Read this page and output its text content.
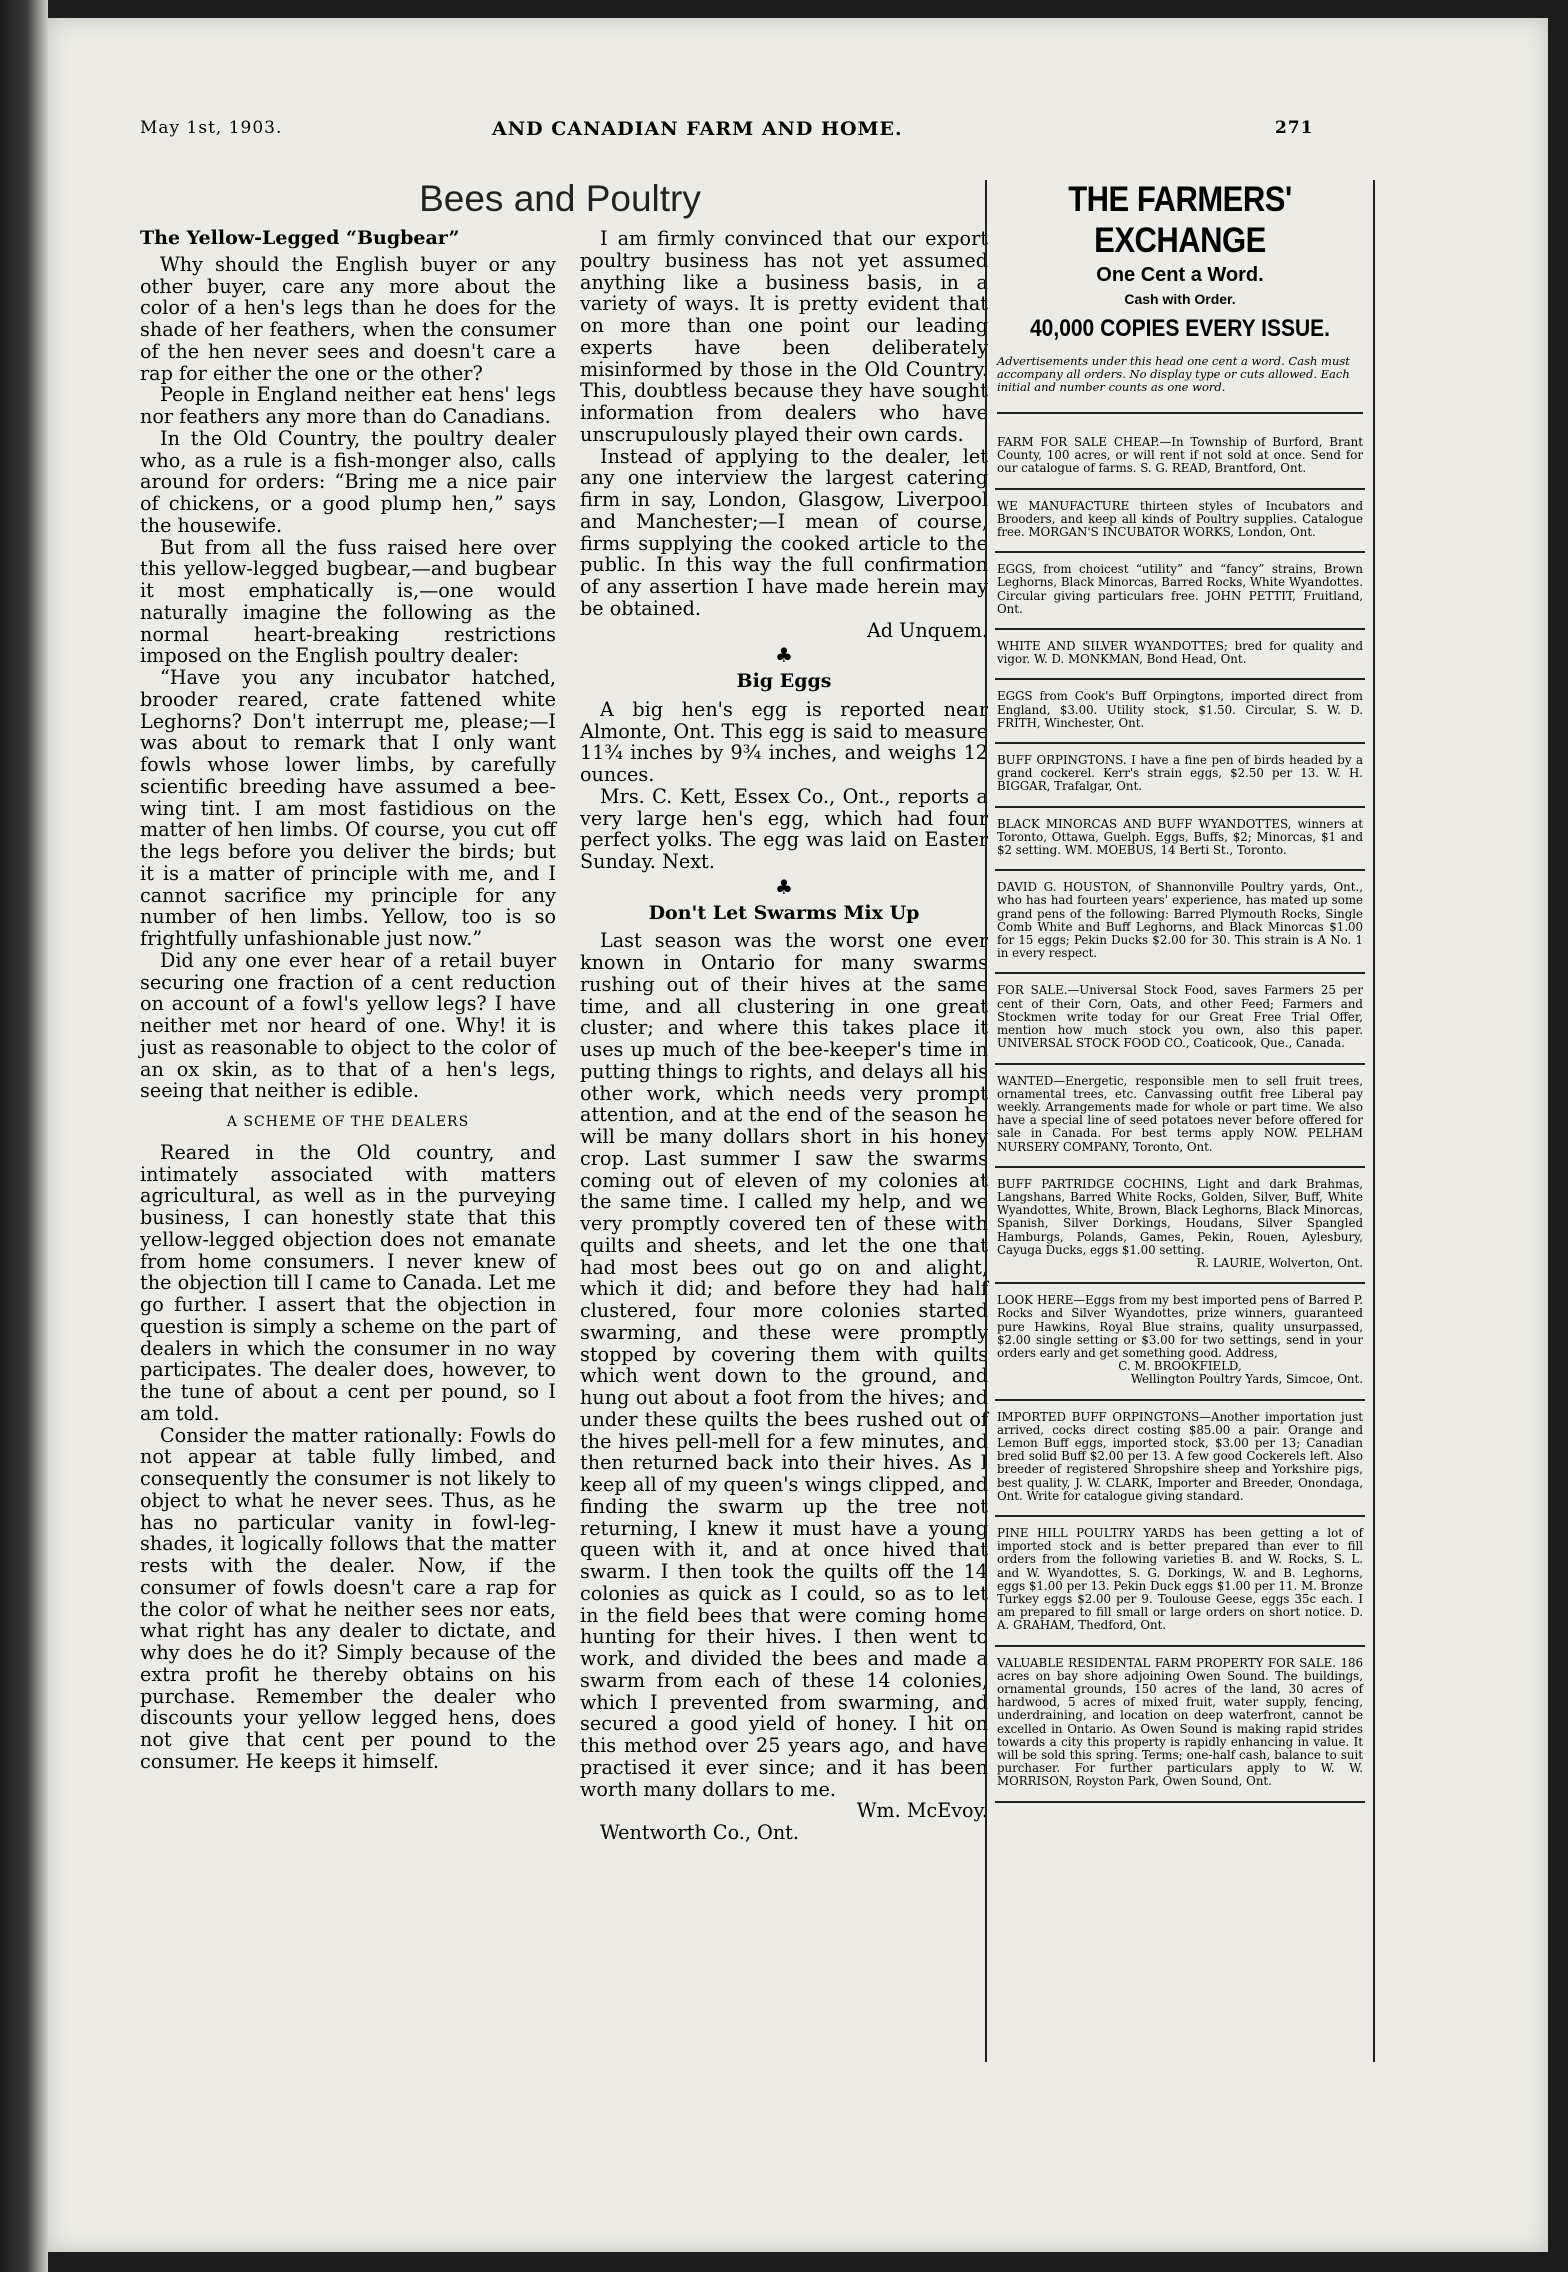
May 1st, 1903.	AND CANADIAN FARM AND HOME.	271
Bees and Poultry
The Yellow-Legged “Bugbear”

Why should the English buyer or any other buyer, care any more about the color of a hen's legs than he does for the shade of her feathers, when the consumer of the hen never sees and doesn't care a rap for either the one or the other?

People in England neither eat hens' legs nor feathers any more than do Canadians.

In the Old Country, the poultry dealer who, as a rule is a fish-monger also, calls around for orders: “Bring me a nice pair of chickens, or a good plump hen,” says the housewife.

But from all the fuss raised here over this yellow-legged bugbear,—and bugbear it most emphatically is,—one would naturally imagine the following as the normal heart-breaking restrictions imposed on the English poultry dealer:

“Have you any incubator hatched, brooder reared, crate fattened white Leghorns? Don't interrupt me, please;—I was about to remark that I only want fowls whose lower limbs, by carefully scientific breeding have assumed a bee-wing tint. I am most fastidious on the matter of hen limbs. Of course, you cut off the legs before you deliver the birds; but it is a matter of principle with me, and I cannot sacrifice my principle for any number of hen limbs. Yellow, too is so frightfully unfashionable just now.”

Did any one ever hear of a retail buyer securing one fraction of a cent reduction on account of a fowl's yellow legs? I have neither met nor heard of one. Why! it is just as reasonable to object to the color of an ox skin, as to that of a hen's legs, seeing that neither is edible.

A SCHEME OF THE DEALERS

Reared in the Old country, and intimately associated with matters agricultural, as well as in the purveying business, I can honestly state that this yellow-legged objection does not emanate from home consumers. I never knew of the objection till I came to Canada. Let me go further. I assert that the objection in question is simply a scheme on the part of dealers in which the consumer in no way participates. The dealer does, however, to the tune of about a cent per pound, so I am told.

Consider the matter rationally: Fowls do not appear at table fully limbed, and consequently the consumer is not likely to object to what he never sees. Thus, as he has no particular vanity in fowl-leg-shades, it logically follows that the matter rests with the dealer. Now, if the consumer of fowls doesn't care a rap for the color of what he neither sees nor eats, what right has any dealer to dictate, and why does he do it? Simply because of the extra profit he thereby obtains on his purchase. Remember the dealer who discounts your yellow legged hens, does not give that cent per pound to the consumer. He keeps it himself.

I am firmly convinced that our export poultry business has not yet assumed anything like a business basis, in a variety of ways. It is pretty evident that on more than one point our leading experts have been deliberately misinformed by those in the Old Country. This, doubtless because they have sought information from dealers who have unscrupulously played their own cards.

Instead of applying to the dealer, let any one interview the largest catering firm in say, London, Glasgow, Liverpool and Manchester;—I mean of course, firms supplying the cooked article to the public. In this way the full confirmation of any assertion I have made herein may be obtained.

Ad Unquem.

♣
Big Eggs

A big hen's egg is reported near Almonte, Ont. This egg is said to measure 11¾ inches by 9¾ inches, and weighs 12 ounces.

Mrs. C. Kett, Essex Co., Ont., reports a very large hen's egg, which had four perfect yolks. The egg was laid on Easter Sunday. Next.

♣
Don't Let Swarms Mix Up

Last season was the worst one ever known in Ontario for many swarms rushing out of their hives at the same time, and all clustering in one great cluster; and where this takes place it uses up much of the bee-keeper's time in putting things to rights, and delays all his other work, which needs very prompt attention, and at the end of the season he will be many dollars short in his honey crop. Last summer I saw the swarms coming out of eleven of my colonies at the same time. I called my help, and we very promptly covered ten of these with quilts and sheets, and let the one that had most bees out go on and alight, which it did; and before they had half clustered, four more colonies started swarming, and these were promptly stopped by covering them with quilts which went down to the ground, and hung out about a foot from the hives; and under these quilts the bees rushed out of the hives pell-mell for a few minutes, and then returned back into their hives. As I keep all of my queen's wings clipped, and finding the swarm up the tree not returning, I knew it must have a young queen with it, and at once hived that swarm. I then took the quilts off the 14 colonies as quick as I could, so as to let in the field bees that were coming home hunting for their hives. I then went to work, and divided the bees and made a swarm from each of these 14 colonies, which I prevented from swarming, and secured a good yield of honey. I hit on this method over 25 years ago, and have practised it ever since; and it has been worth many dollars to me.

Wm. McEvoy.

Wentworth Co., Ont.

THE FARMERS' EXCHANGE
One Cent a Word.
Cash with Order.
40,000 COPIES EVERY ISSUE.
Advertisements under this head one cent a word. Cash must accompany all orders. No display type or cuts allowed. Each initial and number counts as one word.
FARM FOR SALE CHEAP.—In Township of Burford, Brant County, 100 acres, or will rent if not sold at once. Send for our catalogue of farms. S. G. READ, Brantford, Ont.
WE MANUFACTURE thirteen styles of Incubators and Brooders, and keep all kinds of Poultry supplies. Catalogue free. MORGAN'S INCUBATOR WORKS, London, Ont.
EGGS, from choicest “utility” and “fancy” strains, Brown Leghorns, Black Minorcas, Barred Rocks, White Wyandottes. Circular giving particulars free. JOHN PETTIT, Fruitland, Ont.
WHITE AND SILVER WYANDOTTES; bred for quality and vigor. W. D. MONKMAN, Bond Head, Ont.
EGGS from Cook's Buff Orpingtons, imported direct from England, $3.00. Utility stock, $1.50. Circular, S. W. D. FRITH, Winchester, Ont.
BUFF ORPINGTONS. I have a fine pen of birds headed by a grand cockerel. Kerr's strain eggs, $2.50 per 13. W. H. BIGGAR, Trafalgar, Ont.
BLACK MINORCAS AND BUFF WYANDOTTES, winners at Toronto, Ottawa, Guelph. Eggs, Buffs, $2; Minorcas, $1 and $2 setting. WM. MOEBUS, 14 Berti St., Toronto.
DAVID G. HOUSTON, of Shannonville Poultry yards, Ont., who has had fourteen years' experience, has mated up some grand pens of the following: Barred Plymouth Rocks, Single Comb White and Buff Leghorns, and Black Minorcas $1.00 for 15 eggs; Pekin Ducks $2.00 for 30. This strain is A No. 1 in every respect.
FOR SALE.—Universal Stock Food, saves Farmers 25 per cent of their Corn, Oats, and other Feed; Farmers and Stockmen write today for our Great Free Trial Offer, mention how much stock you own, also this paper. UNIVERSAL STOCK FOOD CO., Coaticook, Que., Canada.
WANTED—Energetic, responsible men to sell fruit trees, ornamental trees, etc. Canvassing outfit free Liberal pay weekly. Arrangements made for whole or part time. We also have a special line of seed potatoes never before offered for sale in Canada. For best terms apply NOW. PELHAM NURSERY COMPANY, Toronto, Ont.
BUFF PARTRIDGE COCHINS, Light and dark Brahmas, Langshans, Barred White Rocks, Golden, Silver, Buff, White Wyandottes, White, Brown, Black Leghorns, Black Minorcas, Spanish, Silver Dorkings, Houdans, Silver Spangled Hamburgs, Polands, Games, Pekin, Rouen, Aylesbury, Cayuga Ducks, eggs $1.00 setting.
R. LAURIE, Wolverton, Ont.
LOOK HERE—Eggs from my best imported pens of Barred P. Rocks and Silver Wyandottes, prize winners, guaranteed pure Hawkins, Royal Blue strains, quality unsurpassed, $2.00 single setting or $3.00 for two settings, send in your orders early and get something good. Address,
C. M. BROOKFIELD,
Wellington Poultry Yards, Simcoe, Ont.
IMPORTED BUFF ORPINGTONS—Another importation just arrived, cocks direct costing $85.00 a pair. Orange and Lemon Buff eggs, imported stock, $3.00 per 13; Canadian bred solid Buff $2.00 per 13. A few good Cockerels left. Also breeder of registered Shropshire sheep and Yorkshire pigs, best quality, J. W. CLARK, Importer and Breeder, Onondaga, Ont. Write for catalogue giving standard.
PINE HILL POULTRY YARDS has been getting a lot of imported stock and is better prepared than ever to fill orders from the following varieties B. and W. Rocks, S. L. and W. Wyandottes, S. G. Dorkings, W. and B. Leghorns, eggs $1.00 per 13. Pekin Duck eggs $1.00 per 11. M. Bronze Turkey eggs $2.00 per 9. Toulouse Geese, eggs 35c each. I am prepared to fill small or large orders on short notice. D. A. GRAHAM, Thedford, Ont.
VALUABLE RESIDENTAL FARM PROPERTY FOR SALE. 186 acres on bay shore adjoining Owen Sound. The buildings, ornamental grounds, 150 acres of the land, 30 acres of hardwood, 5 acres of mixed fruit, water supply, fencing, underdraining, and location on deep waterfront, cannot be excelled in Ontario. As Owen Sound is making rapid strides towards a city this property is rapidly enhancing in value. It will be sold this spring. Terms; one-half cash, balance to suit purchaser. For further particulars apply to W. W. MORRISON, Royston Park, Owen Sound, Ont.
